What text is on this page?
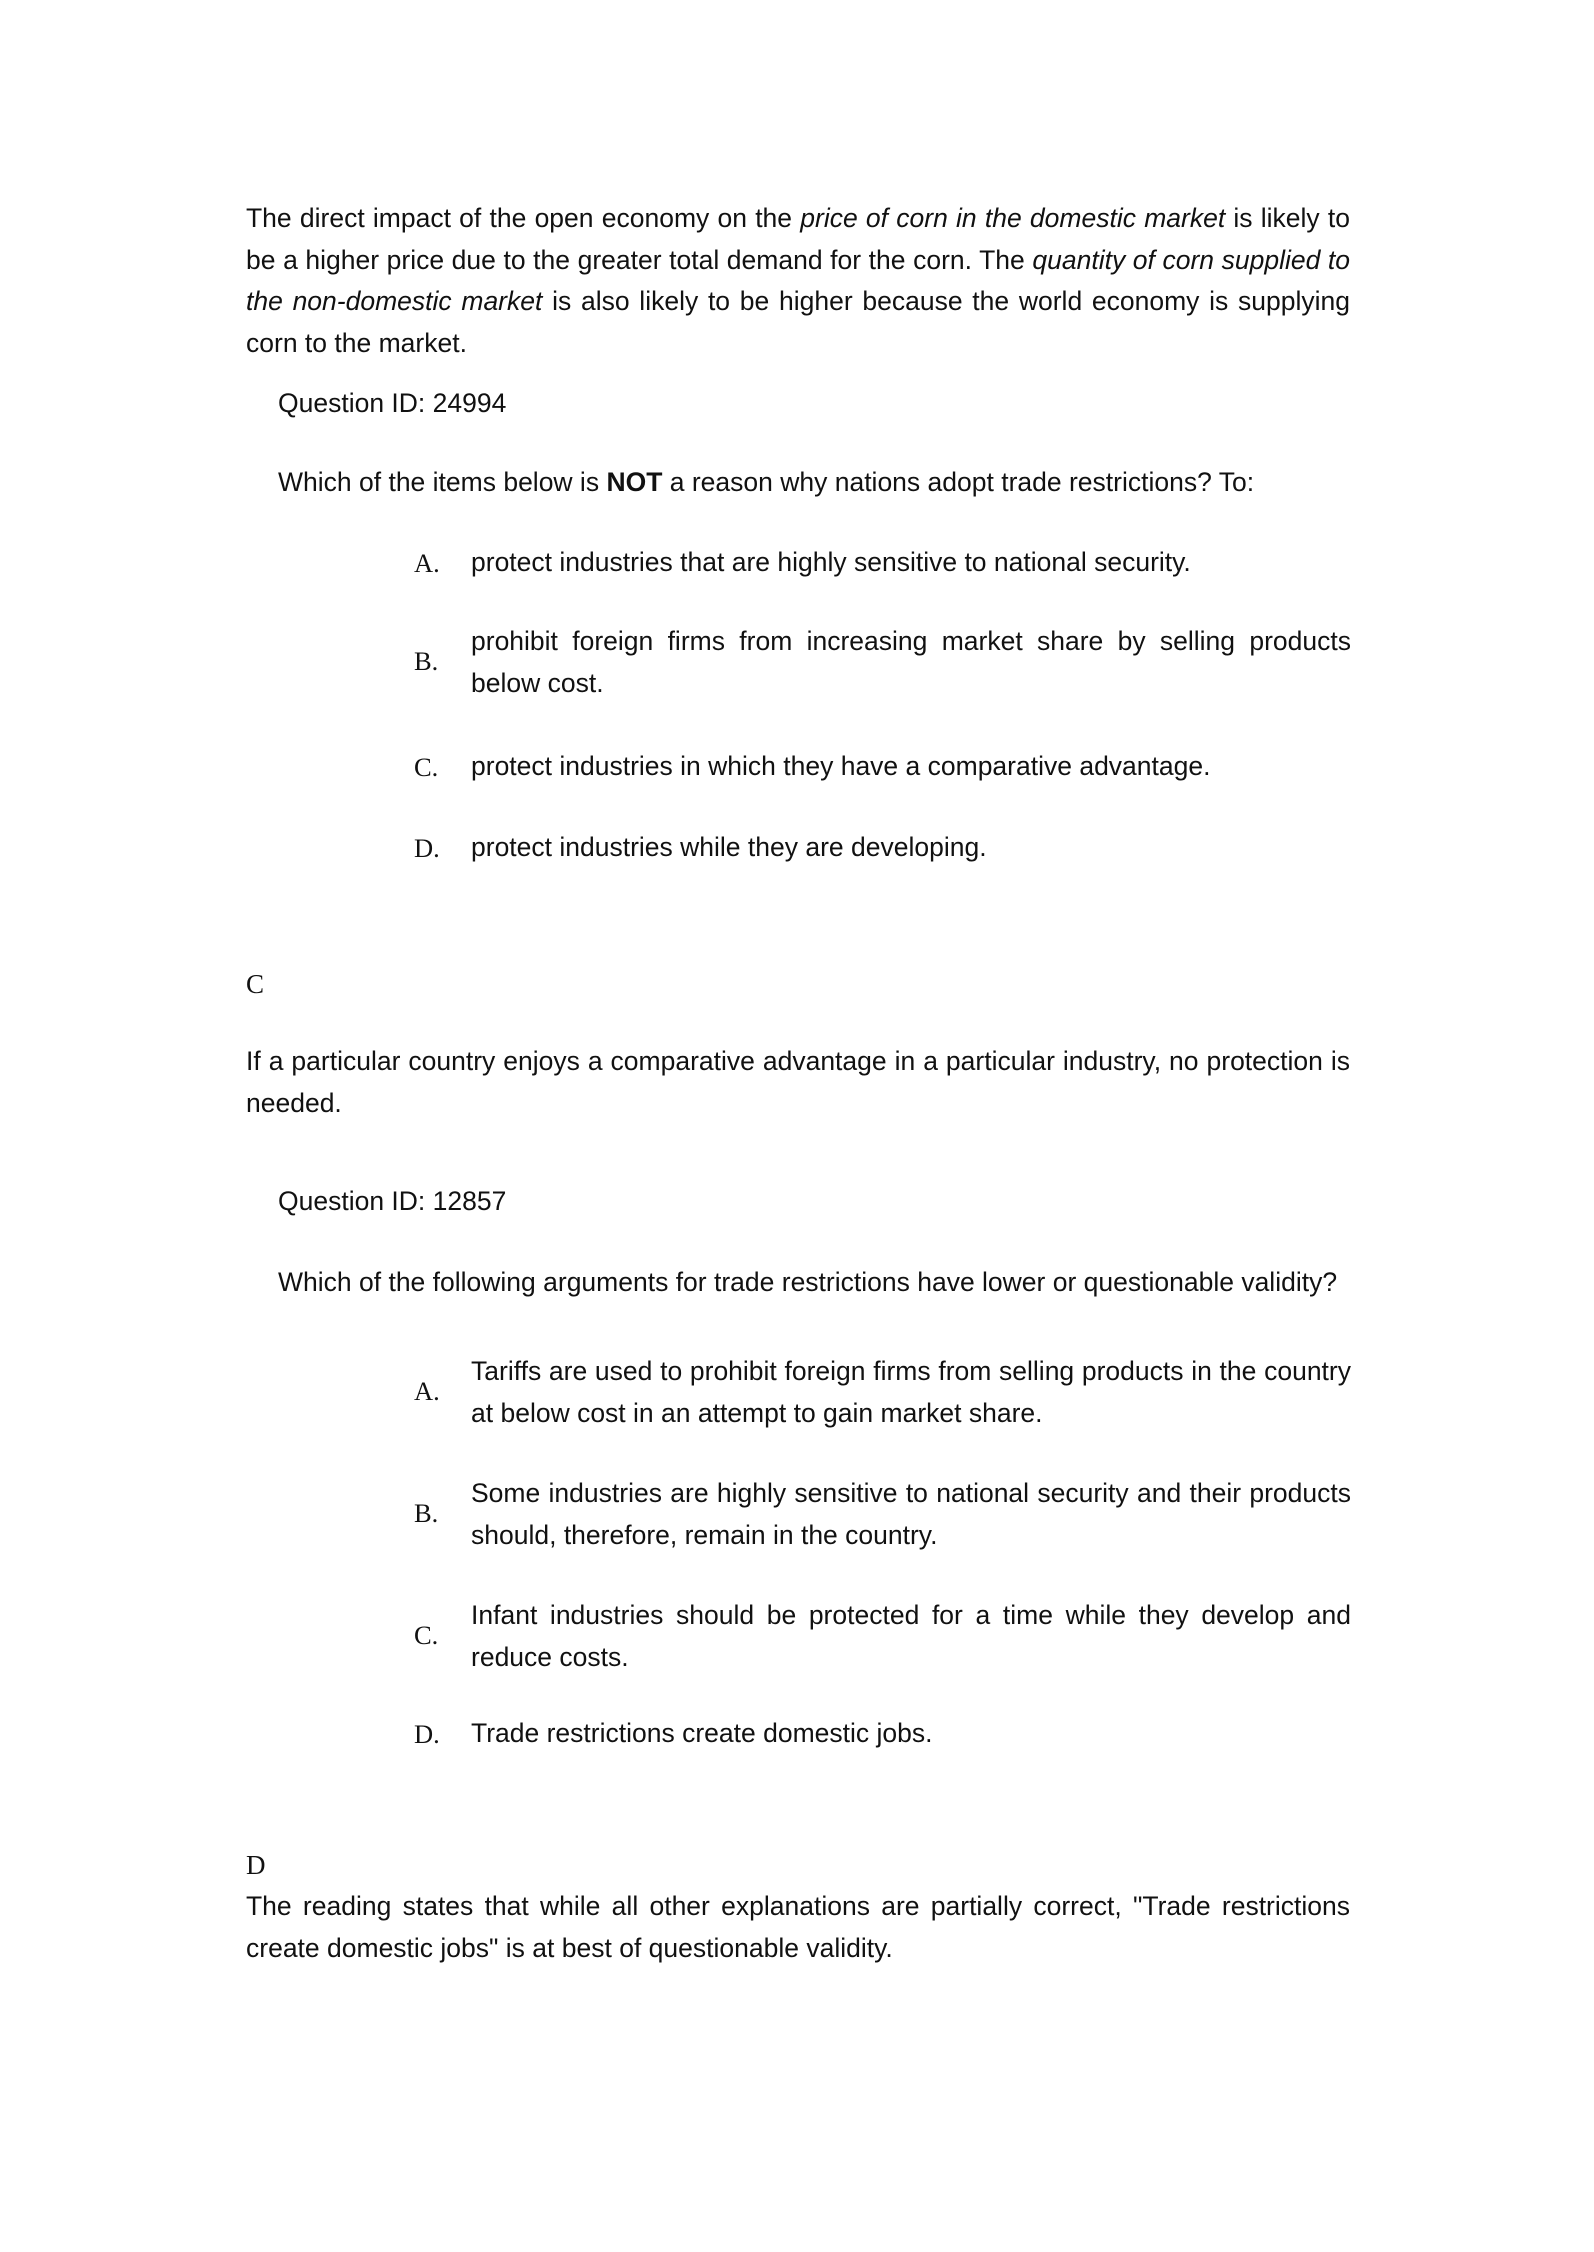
The direct impact of the open economy on the price of corn in the domestic market is likely to be a higher price due to the greater total demand for the corn. The quantity of corn supplied to the non-domestic market is also likely to be higher because the world economy is supplying corn to the market.
Question ID: 24994
Which of the items below is NOT a reason why nations adopt trade restrictions? To:
A. protect industries that are highly sensitive to national security.
B.
prohibit foreign firms from increasing market share by selling products below cost.
C. protect industries in which they have a comparative advantage.
D. protect industries while they are developing.
C
If a particular country enjoys a comparative advantage in a particular industry, no protection is needed.
Question ID: 12857
Which of the following arguments for trade restrictions have lower or questionable validity?
A.
Tariffs are used to prohibit foreign firms from selling products in the country at below cost in an attempt to gain market share.
B.
Some industries are highly sensitive to national security and their products should, therefore, remain in the country.
C.
Infant industries should be protected for a time while they develop and reduce costs.
D. Trade restrictions create domestic jobs.
D
The reading states that while all other explanations are partially correct, "Trade restrictions create domestic jobs" is at best of questionable validity.
